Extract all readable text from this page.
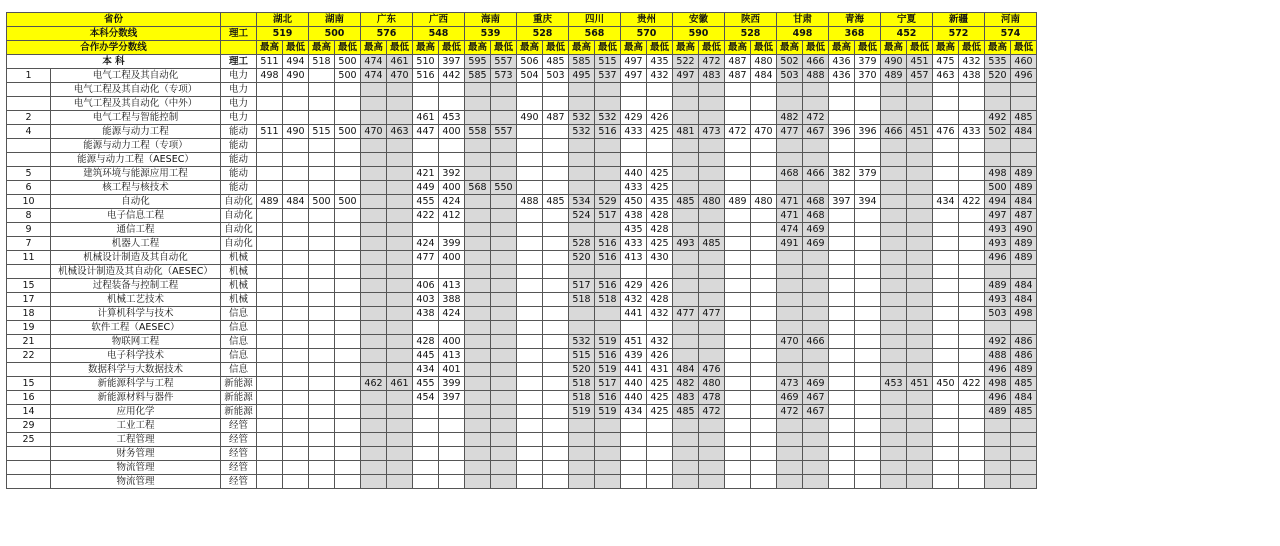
省份			湖北		湖南		广东		广西		海南		重庆		四川		贵州		安徽		陕西		甘肃		青海		宁夏		新疆		河南	
本科分数线		理工	519		500		576		548		539		528		568		570		590		528		498		368		452		572		574	
合作办学分数线			最高	最低	最高	最低	最高	最低	最高	最低	最高	最低	最高	最低	最高	最低	最高	最低	最高	最低	最高	最低	最高	最低	最高	最低	最高	最低	最高	最低	最高	最低
本 科		理工	511	494	518	500	474	461	510	397	595	557	506	485	585	515	497	435	522	472	487	480	502	466	436	379	490	451	475	432	535	460
1	电气工程及其自动化	电力	498	490		500	474	470	516	442	585	573	504	503	495	537	497	432	497	483	487	484	503	488	436	370	489	457	463	438	520	496
	电气工程及其自动化（专项）	电力																														
	电气工程及其自动化（中外）	电力																														
2	电气工程与智能控制	电力							461	453			490	487	532	532	429	426					482	472							492	485
4	能源与动力工程	能动	511	490	515	500	470	463	447	400	558	557			532	516	433	425	481	473	472	470	477	467	396	396	466	451	476	433	502	484
	能源与动力工程（专项）	能动																														
	能源与动力工程（AESEC）	能动																														
5	建筑环境与能源应用工程	能动							421	392							440	425					468	466	382	379					498	489
6	核工程与核技术	能动							449	400	568	550					433	425													500	489
10	自动化	自动化	489	484	500	500			455	424			488	485	534	529	450	435	485	480	489	480	471	468	397	394			434	422	494	484
8	电子信息工程	自动化							422	412					524	517	438	428					471	468							497	487
9	通信工程	自动化															435	428					474	469							493	490
7	机器人工程	自动化							424	399					528	516	433	425	493	485			491	469							493	489
11	机械设计制造及其自动化	机械							477	400					520	516	413	430													496	489
	机械设计制造及其自动化（AESEC）	机械																														
15	过程装备与控制工程	机械							406	413					517	516	429	426													489	484
17	机械工艺技术	机械							403	388					518	518	432	428													493	484
18	计算机科学与技术	信息							438	424							441	432	477	477											503	498
19	软件工程（AESEC）	信息																														
21	物联网工程	信息							428	400					532	519	451	432					470	466							492	486
22	电子科学技术	信息							445	413					515	516	439	426													488	486
	数据科学与大数据技术	信息							434	401					520	519	441	431	484	476											496	489
15	新能源科学与工程	新能源					462	461	455	399					518	517	440	425	482	480			473	469			453	451	450	422	498	485
16	新能源材料与器件	新能源							454	397					518	516	440	425	483	478			469	467							496	484
14	应用化学	新能源													519	519	434	425	485	472			472	467							489	485
29	工业工程	经管																														
25	工程管理	经管																														
	财务管理	经管																														
	物流管理	经管																														
	物流管理	经管																														
